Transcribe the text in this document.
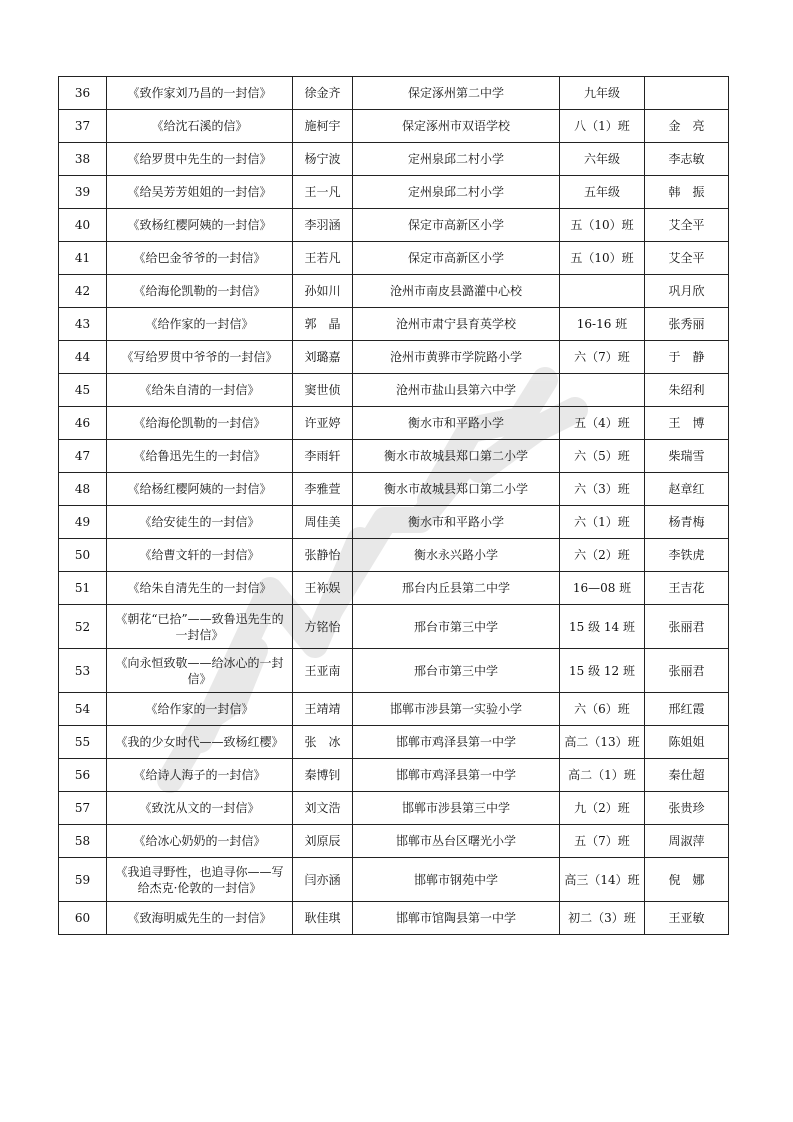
36	《致作家刘乃昌的一封信》	徐金齐	保定涿州第二中学	九年级	
37	《给沈石溪的信》	施柯宇	保定涿州市双语学校	八（1）班	金　亮
38	《给罗贯中先生的一封信》	杨宁波	定州泉邱二村小学	六年级	李志敏
39	《给吴芳芳姐姐的一封信》	王一凡	定州泉邱二村小学	五年级	韩　振
40	《致杨红樱阿姨的一封信》	李羽涵	保定市高新区小学	五（10）班	艾全平
41	《给巴金爷爷的一封信》	王若凡	保定市高新区小学	五（10）班	艾全平
42	《给海伦凯勒的一封信》	孙如川	沧州市南皮县潞灌中心校		巩月欣
43	《给作家的一封信》	郭　晶	沧州市肃宁县育英学校	16-16 班	张秀丽
44	《写给罗贯中爷爷的一封信》	刘璐嘉	沧州市黄骅市学院路小学	六（7）班	于　静
45	《给朱自清的一封信》	窦世侦	沧州市盐山县第六中学		朱绍利
46	《给海伦凯勒的一封信》	许亚婷	衡水市和平路小学	五（4）班	王　博
47	《给鲁迅先生的一封信》	李雨轩	衡水市故城县郑口第二小学	六（5）班	柴瑞雪
48	《给杨红樱阿姨的一封信》	李雅萱	衡水市故城县郑口第二小学	六（3）班	赵章红
49	《给安徒生的一封信》	周佳美	衡水市和平路小学	六（1）班	杨青梅
50	《给曹文轩的一封信》	张静怡	衡水永兴路小学	六（2）班	李铁虎
51	《给朱自清先生的一封信》	王袮娱	邢台内丘县第二中学	16—08 班	王吉花
52	《朝花“已拾”——致鲁迅先生的一封信》	方铭怡	邢台市第三中学	15 级 14 班	张丽君
53	《向永恒致敬——给冰心的一封信》	王亚南	邢台市第三中学	15 级 12 班	张丽君
54	《给作家的一封信》	王靖靖	邯郸市涉县第一实验小学	六（6）班	邢红霞
55	《我的少女时代——致杨红樱》	张　冰	邯郸市鸡泽县第一中学	高二（13）班	陈姐姐
56	《给诗人海子的一封信》	秦博钊	邯郸市鸡泽县第一中学	高二（1）班	秦仕超
57	《致沈从文的一封信》	刘文浩	邯郸市涉县第三中学	九（2）班	张贵珍
58	《给冰心奶奶的一封信》	刘原辰	邯郸市丛台区曙光小学	五（7）班	周淑萍
59	《我追寻野性，也追寻你——写给杰克·伦敦的一封信》	闫亦涵	邯郸市钢苑中学	高三（14）班	倪　娜
60	《致海明威先生的一封信》	耿佳琪	邯郸市馆陶县第一中学	初二（3）班	王亚敏
